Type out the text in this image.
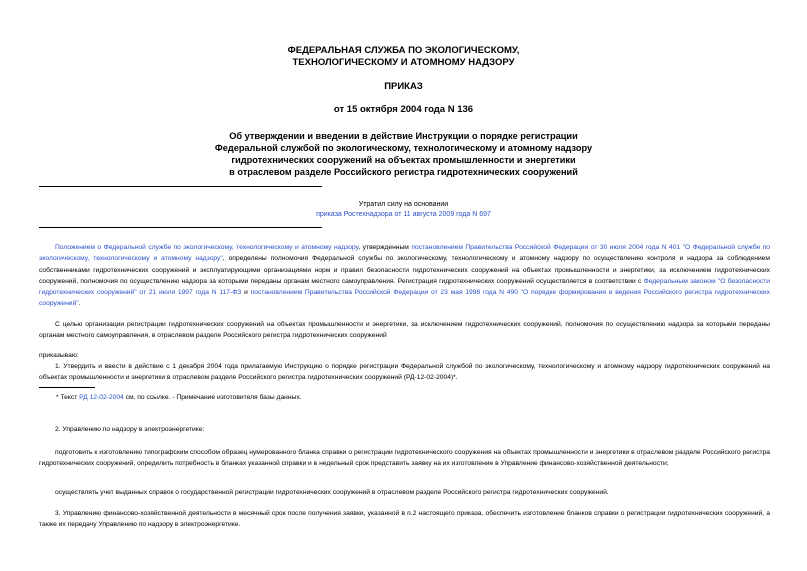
ФЕДЕРАЛЬНАЯ СЛУЖБА ПО ЭКОЛОГИЧЕСКОМУ,
ТЕХНОЛОГИЧЕСКОМУ И АТОМНОМУ НАДЗОРУ
ПРИКАЗ
от 15 октября 2004 года N 136
Об утверждении и введении в действие Инструкции о порядке регистрации
Федеральной службой по экологическому, технологическому и атомному надзору
гидротехнических сооружений на объектах промышленности и энергетики
в отраслевом разделе Российского регистра гидротехнических сооружений
Утратил силу на основании
приказа Ростехнадзора от 11 августа 2009 года N 697
Положением о Федеральной службе по экологическому, технологическому и атомному надзору, утвержденным постановлением Правительства Российской Федерации от 30 июля 2004 года N 401 "О Федеральной службе по экологическому, технологическому и атомному надзору", определены полномочия Федеральной службы по экологическому, технологическому и атомному надзору по осуществлению контроля и надзора за соблюдением собственниками гидротехнических сооружений и эксплуатирующими организациями норм и правил безопасности гидротехнических сооружений на объектах промышленности и энергетики, за исключением гидротехнических сооружений, полномочия по осуществлению надзора за которыми переданы органам местного самоуправления. Регистрация гидротехнических сооружений осуществляется в соответствии с Федеральным законом "О безопасности гидротехнических сооружений" от 21 июля 1997 года N 117-ФЗ и постановлением Правительства Российской Федерации от 23 мая 1998 года N 490 "О порядке формирования и ведения Российского регистра гидротехнических сооружений".
С целью организации регистрации гидротехнических сооружений на объектах промышленности и энергетики, за исключением гидротехнических сооружений, полномочия по осуществлению надзора за которыми переданы органам местного самоуправления, в отраслевом разделе Российского регистра гидротехнических сооружений
приказываю:
1. Утвердить и ввести в действие с 1 декабря 2004 года прилагаемую Инструкцию о порядке регистрации Федеральной службой по экологическому, технологическому и атомному надзору гидротехнических сооружений на объектах промышленности и энергетики в отраслевом разделе Российского регистра гидротехнических сооружений (РД-12-02-2004)*.
* Текст РД 12-02-2004 см. по ссылке. - Примечание изготовителя базы данных.
2. Управлению по надзору в электроэнергетике:
подготовить к изготовлению типографским способом образец нумерованного бланка справки о регистрации гидротехнического сооружения на объектах промышленности и энергетики в отраслевом разделе Российского регистра гидротехнических сооружений, определить потребность в бланках указанной справки и в недельный срок представить заявку на их изготовление в Управление финансово-хозяйственной деятельности;
осуществлять учет выданных справок о государственной регистрации гидротехнических сооружений в отраслевом разделе Российского регистра гидротехнических сооружений.
3. Управлению финансово-хозяйственной деятельности в месячный срок после получения заявки, указанной в п.2 настоящего приказа, обеспечить изготовление бланков справки о регистрации гидротехнических сооружений, а также их передачу Управлению по надзору в электроэнергетике.
